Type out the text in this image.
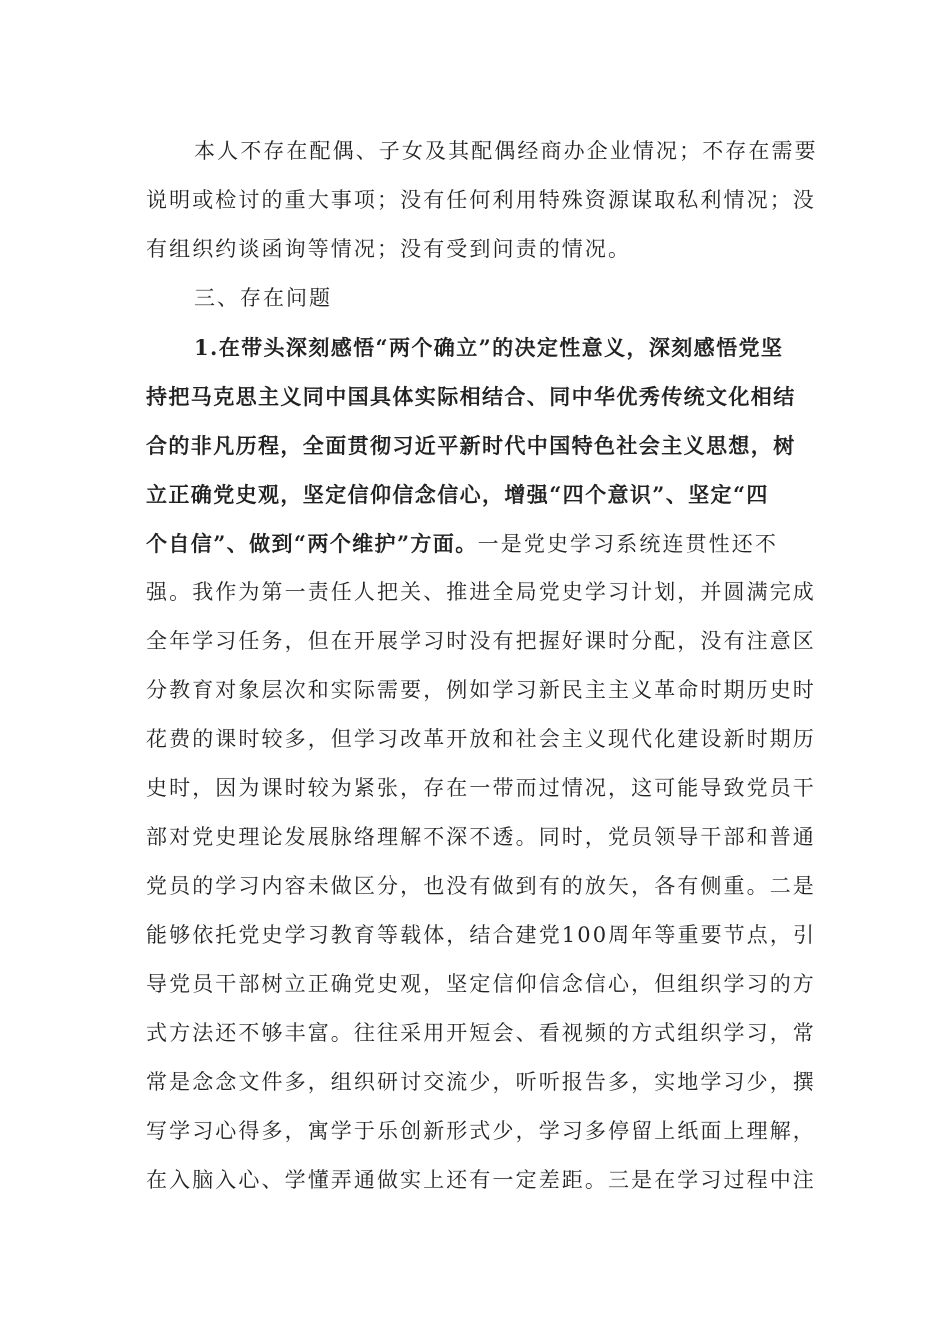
本人不存在配偶、子女及其配偶经商办企业情况；不存在需要
说明或检讨的重大事项；没有任何利用特殊资源谋取私利情况；没
有组织约谈函询等情况；没有受到问责的情况。
三、存在问题
1.在带头深刻感悟“两个确立”的决定性意义，深刻感悟党坚
持把马克思主义同中国具体实际相结合、同中华优秀传统文化相结
合的非凡历程，全面贯彻习近平新时代中国特色社会主义思想，树
立正确党史观，坚定信仰信念信心，增强“四个意识”、坚定“四
个自信”、做到“两个维护”方面。一是党史学习系统连贯性还不
强。我作为第一责任人把关、推进全局党史学习计划，并圆满完成
全年学习任务，但在开展学习时没有把握好课时分配，没有注意区
分教育对象层次和实际需要，例如学习新民主主义革命时期历史时
花费的课时较多，但学习改革开放和社会主义现代化建设新时期历
史时，因为课时较为紧张，存在一带而过情况，这可能导致党员干
部对党史理论发展脉络理解不深不透。同时，党员领导干部和普通
党员的学习内容未做区分，也没有做到有的放矢，各有侧重。二是
能够依托党史学习教育等载体，结合建党100周年等重要节点，引
导党员干部树立正确党史观，坚定信仰信念信心，但组织学习的方
式方法还不够丰富。往往采用开短会、看视频的方式组织学习，常
常是念念文件多，组织研讨交流少，听听报告多，实地学习少，撰
写学习心得多，寓学于乐创新形式少，学习多停留上纸面上理解，
在入脑入心、学懂弄通做实上还有一定差距。三是在学习过程中注
